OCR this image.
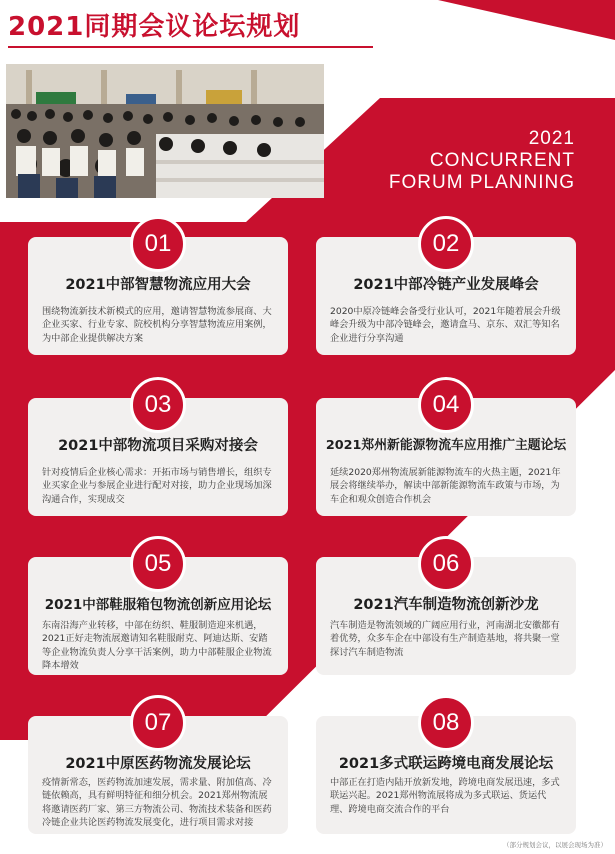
2021同期会议论坛规划
2021
CONCURRENT
FORUM PLANNING
01
2021中部智慧物流应用大会
围绕物流新技术新模式的应用，邀请智慧物流参展商、大企业买家、行业专家、院校机构分享智慧物流应用案例，为中部企业提供解决方案
02
2021中部冷链产业发展峰会
2020中原冷链峰会备受行业认可，2021年随着展会升级峰会升级为中部冷链峰会，邀请盒马、京东、双汇等知名企业进行分享沟通
03
2021中部物流项目采购对接会
针对疫情后企业核心需求：开拓市场与销售增长，组织专业买家企业与参展企业进行配对对接，助力企业现场加深沟通合作，实现成交
04
2021郑州新能源物流车应用推广主题论坛
延续2020郑州物流展新能源物流车的火热主题，2021年展会将继续举办，解读中部新能源物流车政策与市场，为车企和观众创造合作机会
05
2021中部鞋服箱包物流创新应用论坛
东南沿海产业转移，中部在纺织、鞋服制造迎来机遇，2021正好走物流展邀请知名鞋服耐克、阿迪达斯、安踏等企业物流负责人分享干活案例，助力中部鞋服企业物流降本增效
06
2021汽车制造物流创新沙龙
汽车制造是物流领域的广阔应用行业，河南湖北安徽都有着优势，众多车企在中部设有生产制造基地，将共聚一堂探讨汽车制造物流
07
2021中原医药物流发展论坛
疫情新常态，医药物流加速发展，需求量、附加值高、冷链依赖高，具有鲜明特征和细分机会。2021郑州物流展将邀请医药厂家、第三方物流公司、物流技术装备和医药冷链企业共论医药物流发展变化，进行项目需求对接
08
2021多式联运跨境电商发展论坛
中部正在打造内陆开放新发地，跨境电商发展迅速，多式联运兴起。2021郑州物流展将成为多式联运、货运代理、跨境电商交流合作的平台
（部分规划会议，以展会现场为准）
